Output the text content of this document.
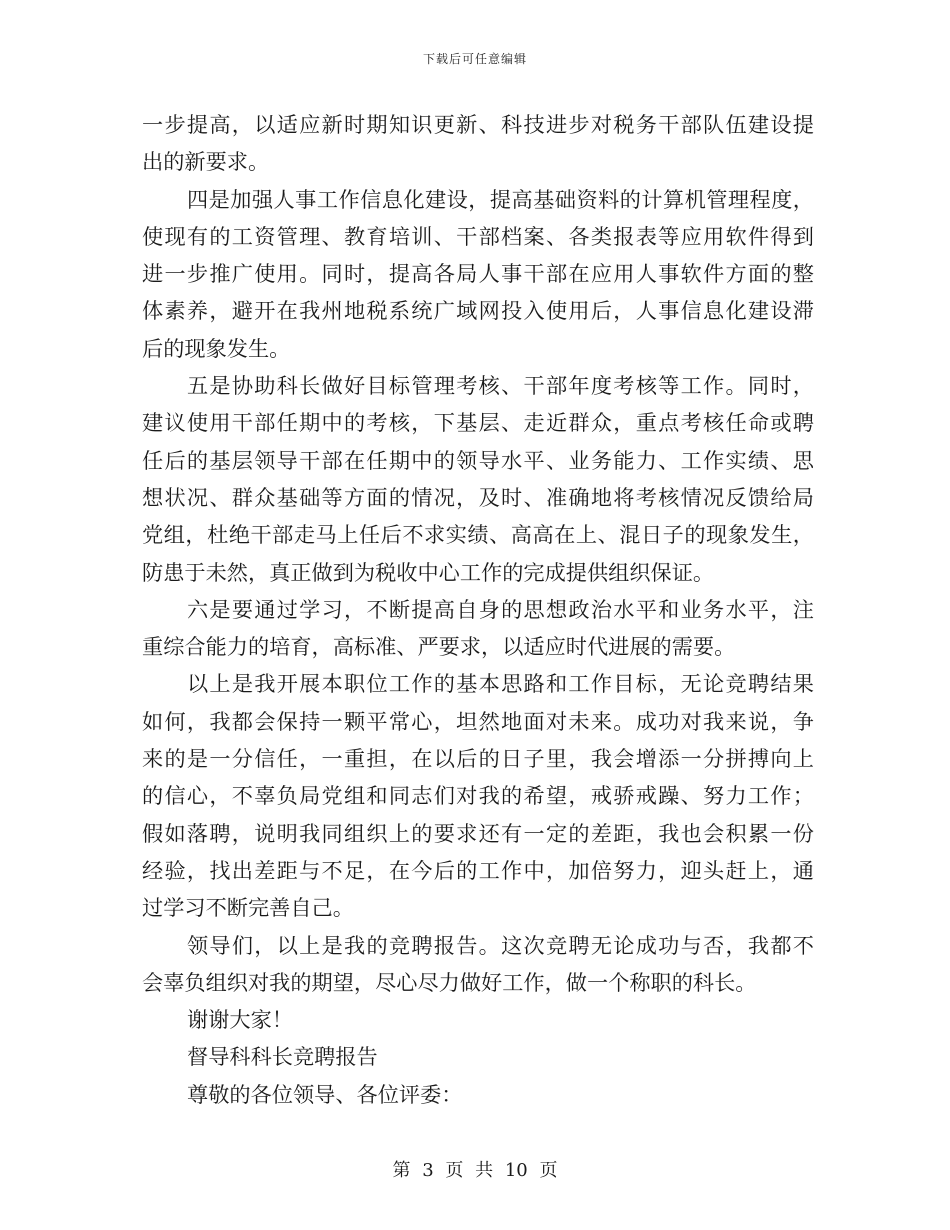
下载后可任意编辑
一步提高，以适应新时期知识更新、科技进步对税务干部队伍建设提
出的新要求。
四是加强人事工作信息化建设，提高基础资料的计算机管理程度，
使现有的工资管理、教育培训、干部档案、各类报表等应用软件得到
进一步推广使用。同时，提高各局人事干部在应用人事软件方面的整
体素养，避开在我州地税系统广域网投入使用后，人事信息化建设滞
后的现象发生。
五是协助科长做好目标管理考核、干部年度考核等工作。同时，
建议使用干部任期中的考核，下基层、走近群众，重点考核任命或聘
任后的基层领导干部在任期中的领导水平、业务能力、工作实绩、思
想状况、群众基础等方面的情况，及时、准确地将考核情况反馈给局
党组，杜绝干部走马上任后不求实绩、高高在上、混日子的现象发生，
防患于未然，真正做到为税收中心工作的完成提供组织保证。
六是要通过学习，不断提高自身的思想政治水平和业务水平，注
重综合能力的培育，高标准、严要求，以适应时代进展的需要。
以上是我开展本职位工作的基本思路和工作目标，无论竞聘结果
如何，我都会保持一颗平常心，坦然地面对未来。成功对我来说，争
来的是一分信任，一重担，在以后的日子里，我会增添一分拼搏向上
的信心，不辜负局党组和同志们对我的希望，戒骄戒躁、努力工作；
假如落聘，说明我同组织上的要求还有一定的差距，我也会积累一份
经验，找出差距与不足，在今后的工作中，加倍努力，迎头赶上，通
过学习不断完善自己。
领导们，以上是我的竞聘报告。这次竞聘无论成功与否，我都不
会辜负组织对我的期望，尽心尽力做好工作，做一个称职的科长。
谢谢大家！
督导科科长竞聘报告
尊敬的各位领导、各位评委：
第 3 页 共 10 页
